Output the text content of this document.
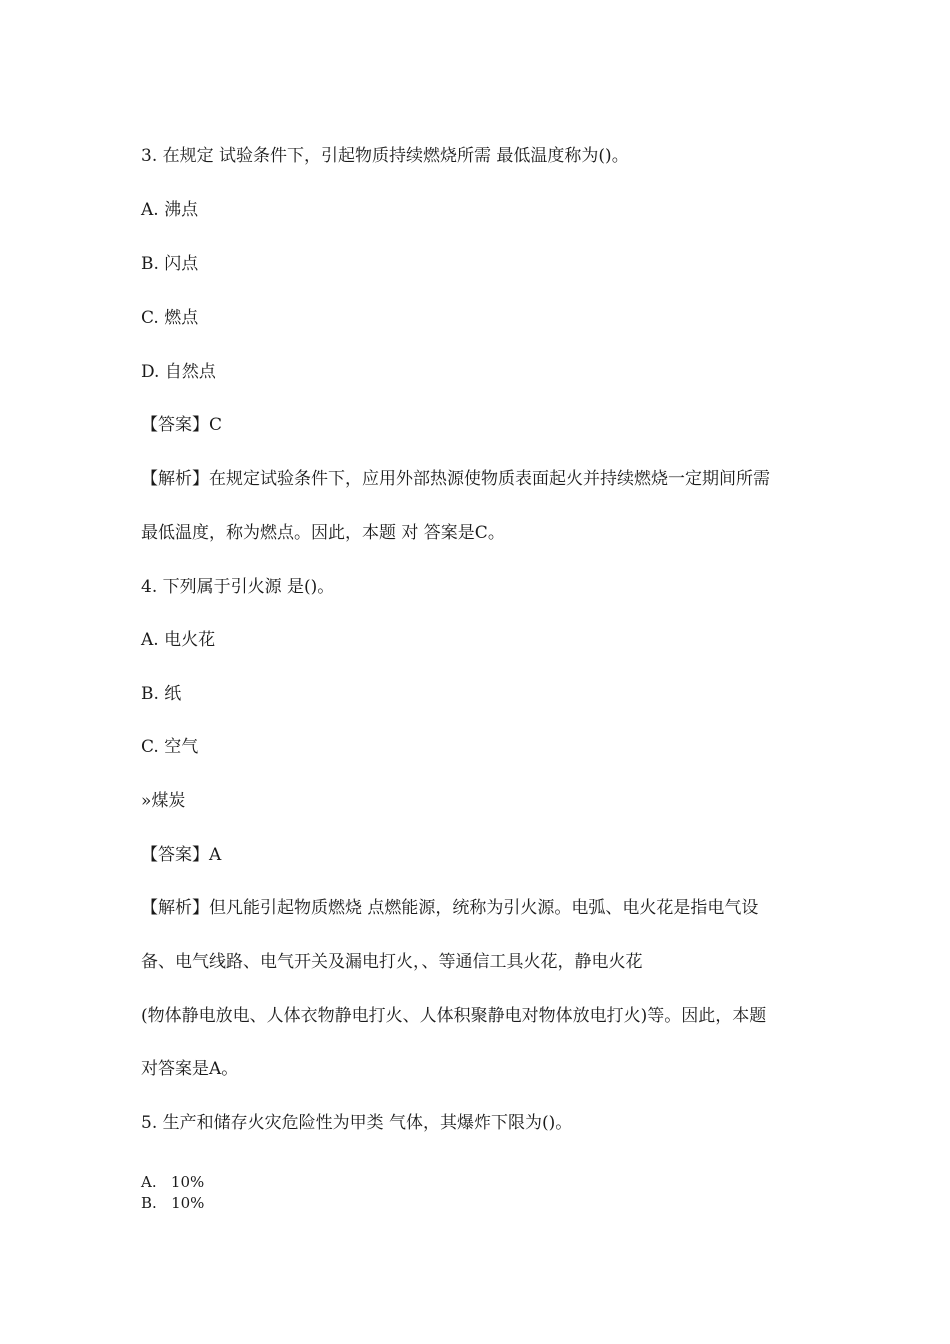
3. 在规定 试验条件下，引起物质持续燃烧所需 最低温度称为()。
A. 沸点
B. 闪点
C. 燃点
D. 自然点
【答案】C
【解析】在规定试验条件下，应用外部热源使物质表面起火并持续燃烧一定期间所需
最低温度，称为燃点。因此，本题 对 答案是C。
4. 下列属于引火源 是()。
A. 电火花
B. 纸
C. 空气
»煤炭
【答案】A
【解析】但凡能引起物质燃烧 点燃能源，统称为引火源。电弧、电火花是指电气设
备、电气线路、电气开关及漏电打火，、等通信工具火花，静电火花
(物体静电放电、人体衣物静电打火、人体积聚静电对物体放电打火)等。因此，本题
对答案是A。
5. 生产和储存火灾危险性为甲类 气体，其爆炸下限为()。
A.   10%
B.   10%
